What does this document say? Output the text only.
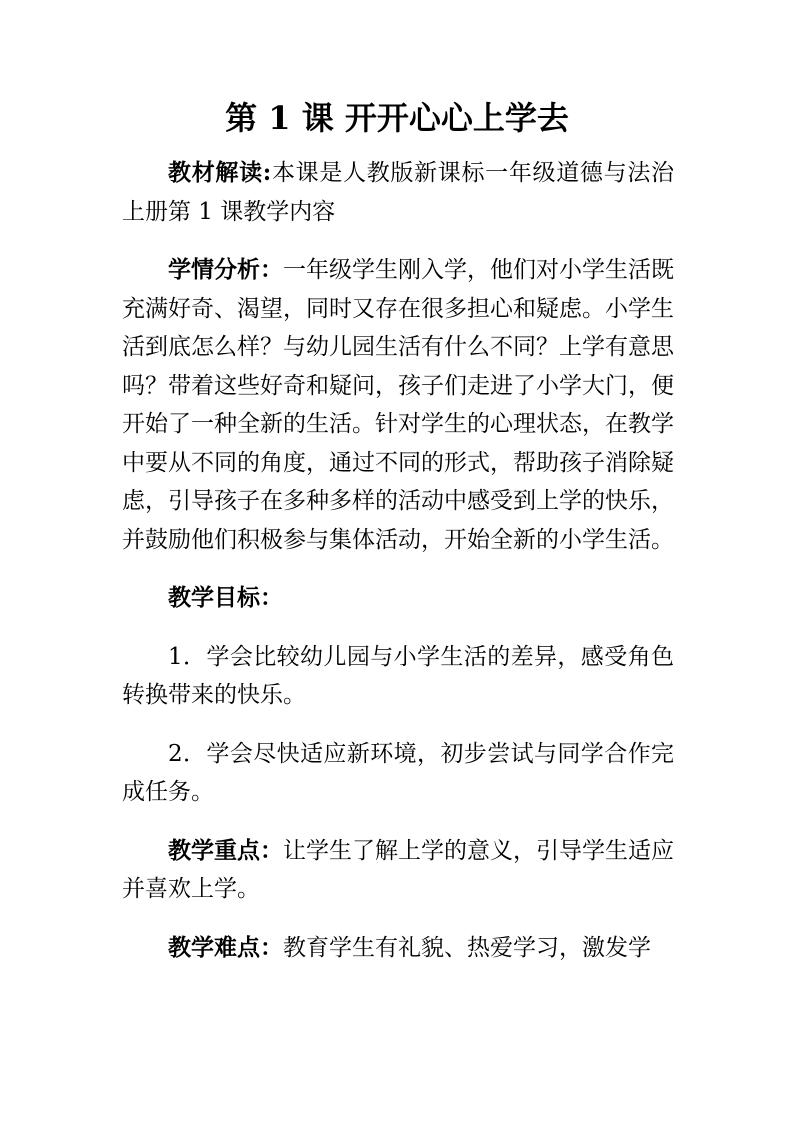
第 1 课 开开心心上学去

教材解读:本课是人教版新课标一年级道德与法治上册第 1 课教学内容

学情分析：一年级学生刚入学，他们对小学生活既充满好奇、渴望，同时又存在很多担心和疑虑。小学生活到底怎么样？与幼儿园生活有什么不同？上学有意思吗？带着这些好奇和疑问，孩子们走进了小学大门，便开始了一种全新的生活。针对学生的心理状态，在教学中要从不同的角度，通过不同的形式，帮助孩子消除疑虑，引导孩子在多种多样的活动中感受到上学的快乐，并鼓励他们积极参与集体活动，开始全新的小学生活。

教学目标：

1．学会比较幼儿园与小学生活的差异，感受角色转换带来的快乐。

2．学会尽快适应新环境，初步尝试与同学合作完成任务。

教学重点：让学生了解上学的意义，引导学生适应并喜欢上学。

教学难点：教育学生有礼貌、热爱学习，激发学
